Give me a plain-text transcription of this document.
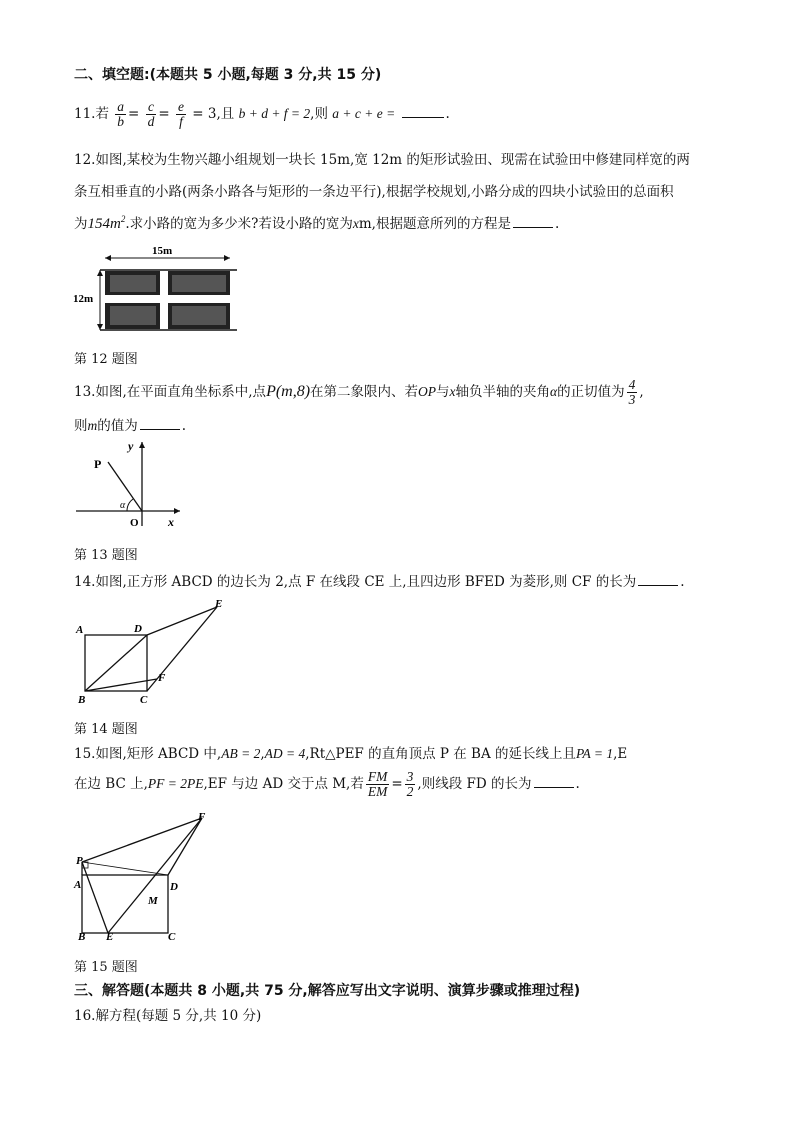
二、填空题:(本题共 5 小题,每题 3 分,共 15 分)
11.若 $\frac{a}{b} = \frac{c}{d} = \frac{e}{f} = 3$,且 b + d + f = 2,则 a + c + e =	.
12.如图,某校为生物兴趣小组规划一块长 15m,宽 12m 的矩形试验田、现需在试验田中修建同样宽的两
条互相垂直的小路(两条小路各与矩形的一条边平行),根据学校规划,小路分成的四块小试验田的总面积
为$154m^2$.求小路的宽为多少米?若设小路的宽为xm,根据题意所列的方程是	.
15m
12m
第 12 题图
13.如图,在平面直角坐标系中,点P(m,8)在第二象限内、若OP与x轴负半轴的夹角α的正切值为 $\frac{4}{3}$ ,
则m的值为	.
P
y
x
O
α
第 13 题图
14.如图,正方形 ABCD 的边长为 2,点 F 在线段 CE 上,且四边形 BFED 为菱形,则 CF 的长为	.
A	D
E
F
B	C
第 14 题图
15.如图,矩形 ABCD 中,AB = 2,AD = 4,Rt△PEF 的直角顶点 P 在 BA 的延长线上且PA = 1,E
在边 BC 上,PF = 2PE,EF 与边 AD 交于点 M,若 $\frac{FM}{EM} = \frac{3}{2}$ ,则线段 FD 的长为	.
F
P
A	D
M
B E	C
第 15 题图
三、解答题(本题共 8 小题,共 75 分,解答应写出文字说明、演算步骤或推理过程)
16.解方程(每题 5 分,共 10 分)
